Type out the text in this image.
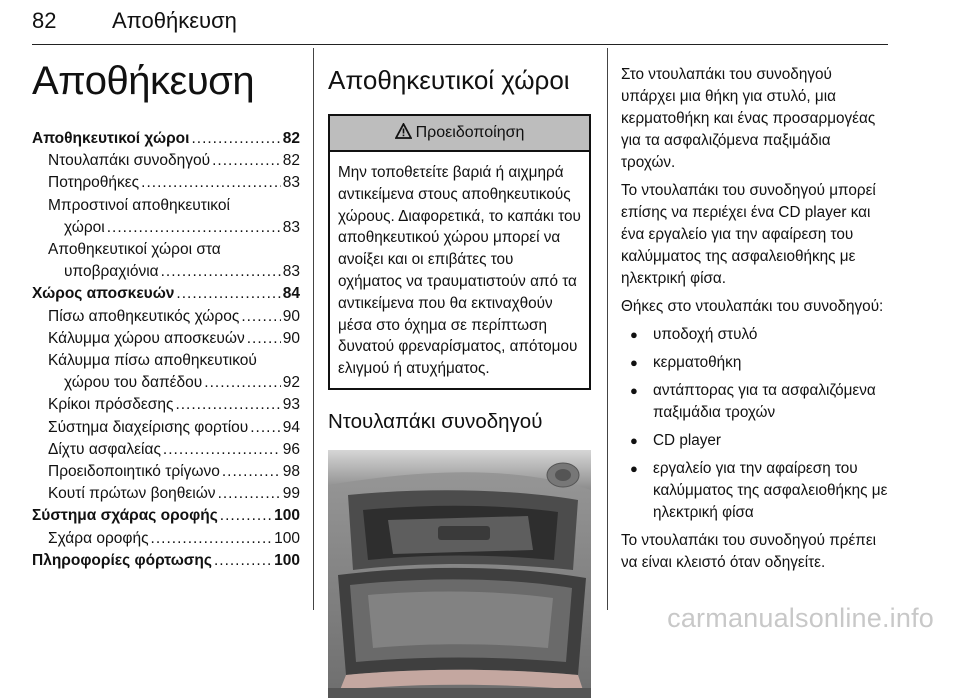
82	Αποθήκευση
Αποθήκευση
Αποθηκευτικοί χώροι .....	82
Ντουλαπάκι συνοδηγού .....	82
Ποτηροθήκες .....	83
Μπροστινοί αποθηκευτικοί
χώροι .....	83
Αποθηκευτικοί χώροι στα
υποβραχιόνια .....	83
Χώρος αποσκευών .....	84
Πίσω αποθηκευτικός χώρος .....	90
Κάλυμμα χώρου αποσκευών ..... 90
Κάλυμμα πίσω αποθηκευτικού
χώρου του δαπέδου .....	92
Κρίκοι πρόσδεσης .....	93
Σύστημα διαχείρισης φορτίου ..... 94
Δίχτυ ασφαλείας .....	96
Προειδοποιητικό τρίγωνο .....	98
Κουτί πρώτων βοηθειών .....	99
Σύστημα σχάρας οροφής .....	100
Σχάρα οροφής .....	100
Πληροφορίες φόρτωσης .....	100
Αποθηκευτικοί χώροι
Προειδοποίηση
Μην τοποθετείτε βαριά ή αιχμηρά αντικείμενα στους αποθηκευτικούς χώρους. Διαφορετικά, το καπάκι του αποθηκευτικού χώρου μπορεί να ανοίξει και οι επιβάτες του οχήματος να τραυματιστούν από τα αντικείμενα που θα εκτιναχθούν μέσα στο όχημα σε περίπτωση δυνατού φρεναρίσματος, απότομου ελιγμού ή ατυχήματος.
Ντουλαπάκι συνοδηγού

Στο ντουλαπάκι του συνοδηγού υπάρχει μια θήκη για στυλό, μια κερματοθήκη και ένας προσαρμογέας για τα ασφαλιζόμενα παξιμάδια τροχών.

Το ντουλαπάκι του συνοδηγού μπορεί επίσης να περιέχει ένα CD player και ένα εργαλείο για την αφαίρεση του καλύμματος της ασφαλειοθήκης με ηλεκτρική φίσα.

Θήκες στο ντουλαπάκι του συνοδηγού:

● υποδοχή στυλό
● κερματοθήκη
● αντάπτορας για τα ασφαλιζόμενα παξιμάδια τροχών
● CD player
● εργαλείο για την αφαίρεση του καλύμματος της ασφαλειοθήκης με ηλεκτρική φίσα

Το ντουλαπάκι του συνοδηγού πρέπει να είναι κλειστό όταν οδηγείτε.

carmanualsonline.info
